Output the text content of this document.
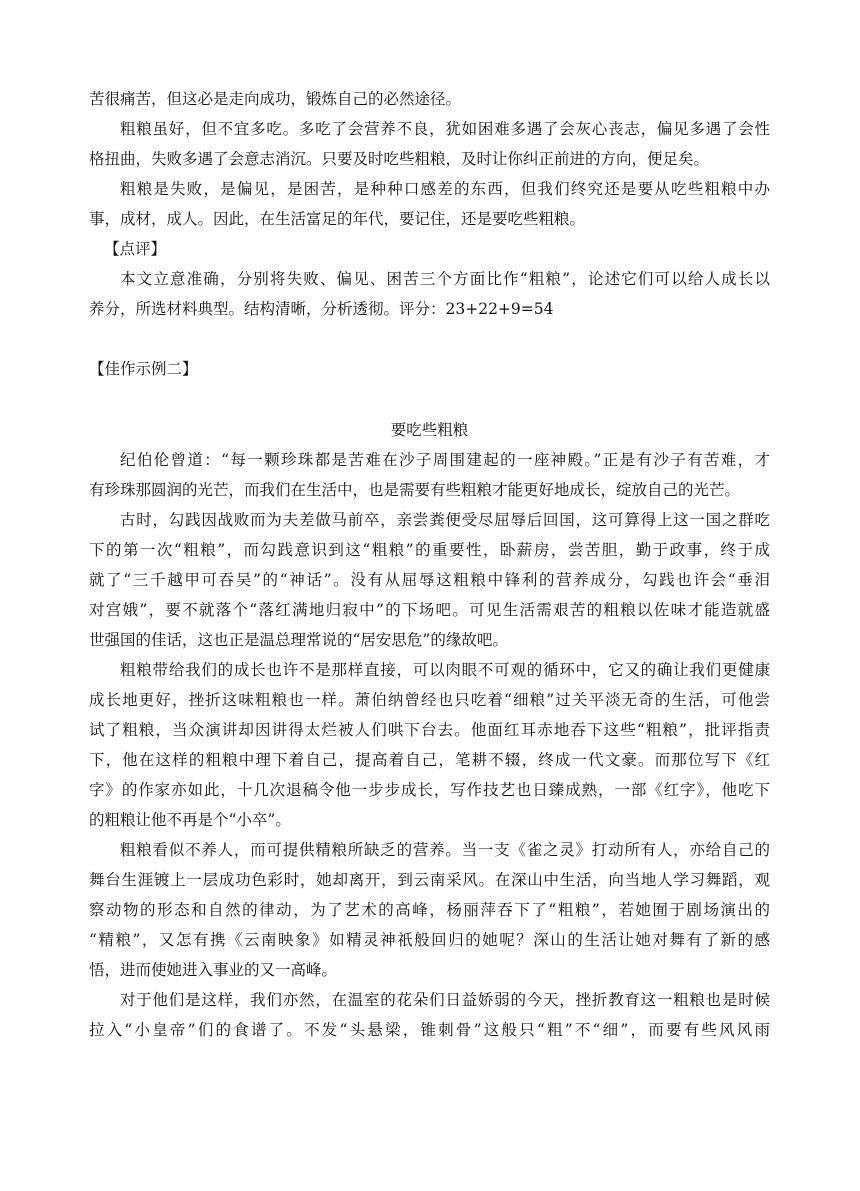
苦很痛苦，但这必是走向成功，锻炼自己的必然途径。
粗粮虽好，但不宜多吃。多吃了会营养不良，犹如困难多遇了会灰心丧志，偏见多遇了会性
格扭曲，失败多遇了会意志消沉。只要及时吃些粗粮，及时让你纠正前进的方向，便足矣。
粗粮是失败，是偏见，是困苦，是种种口感差的东西，但我们终究还是要从吃些粗粮中办
事，成材，成人。因此，在生活富足的年代，要记住，还是要吃些粗粮。
【点评】
本文立意准确，分别将失败、偏见、困苦三个方面比作“粗粮”，论述它们可以给人成长以
养分，所选材料典型。结构清晰，分析透彻。评分：23+22+9=54
【佳作示例二】
要吃些粗粮
纪伯伦曾道：“每一颗珍珠都是苦难在沙子周围建起的一座神殿。”正是有沙子有苦难，才
有珍珠那圆润的光芒，而我们在生活中，也是需要有些粗粮才能更好地成长，绽放自己的光芒。
古时，勾践因战败而为夫差做马前卒，亲尝粪便受尽屈辱后回国，这可算得上这一国之群吃
下的第一次“粗粮”，而勾践意识到这“粗粮”的重要性，卧薪房，尝苦胆，勤于政事，终于成
就了“三千越甲可吞吴”的“神话”。没有从屈辱这粗粮中锋利的营养成分，勾践也许会“垂泪
对宫娥”，要不就落个“落红满地归寂中”的下场吧。可见生活需艰苦的粗粮以佐味才能造就盛
世强国的佳话，这也正是温总理常说的“居安思危”的缘故吧。
粗粮带给我们的成长也许不是那样直接，可以肉眼不可观的循环中，它又的确让我们更健康
成长地更好，挫折这味粗粮也一样。萧伯纳曾经也只吃着“细粮”过关平淡无奇的生活，可他尝
试了粗粮，当众演讲却因讲得太烂被人们哄下台去。他面红耳赤地吞下这些“粗粮”，批评指责
下，他在这样的粗粮中理下着自己，提高着自己，笔耕不辍，终成一代文豪。而那位写下《红
字》的作家亦如此，十几次退稿令他一步步成长，写作技艺也日臻成熟，一部《红字》，他吃下
的粗粮让他不再是个“小卒”。
粗粮看似不养人，而可提供精粮所缺乏的营养。当一支《雀之灵》打动所有人，亦给自己的
舞台生涯镀上一层成功色彩时，她却离开，到云南采风。在深山中生活，向当地人学习舞蹈，观
察动物的形态和自然的律动，为了艺术的高峰，杨丽萍吞下了“粗粮”，若她囿于剧场演出的
“精粮”，又怎有携《云南映象》如精灵神祇般回归的她呢？深山的生活让她对舞有了新的感
悟，进而使她进入事业的又一高峰。
对于他们是这样，我们亦然，在温室的花朵们日益娇弱的今天，挫折教育这一粗粮也是时候
拉入“小皇帝”们的食谱了。不发“头悬梁，锥刺骨”这般只“粗”不“细”，而要有些风风雨
